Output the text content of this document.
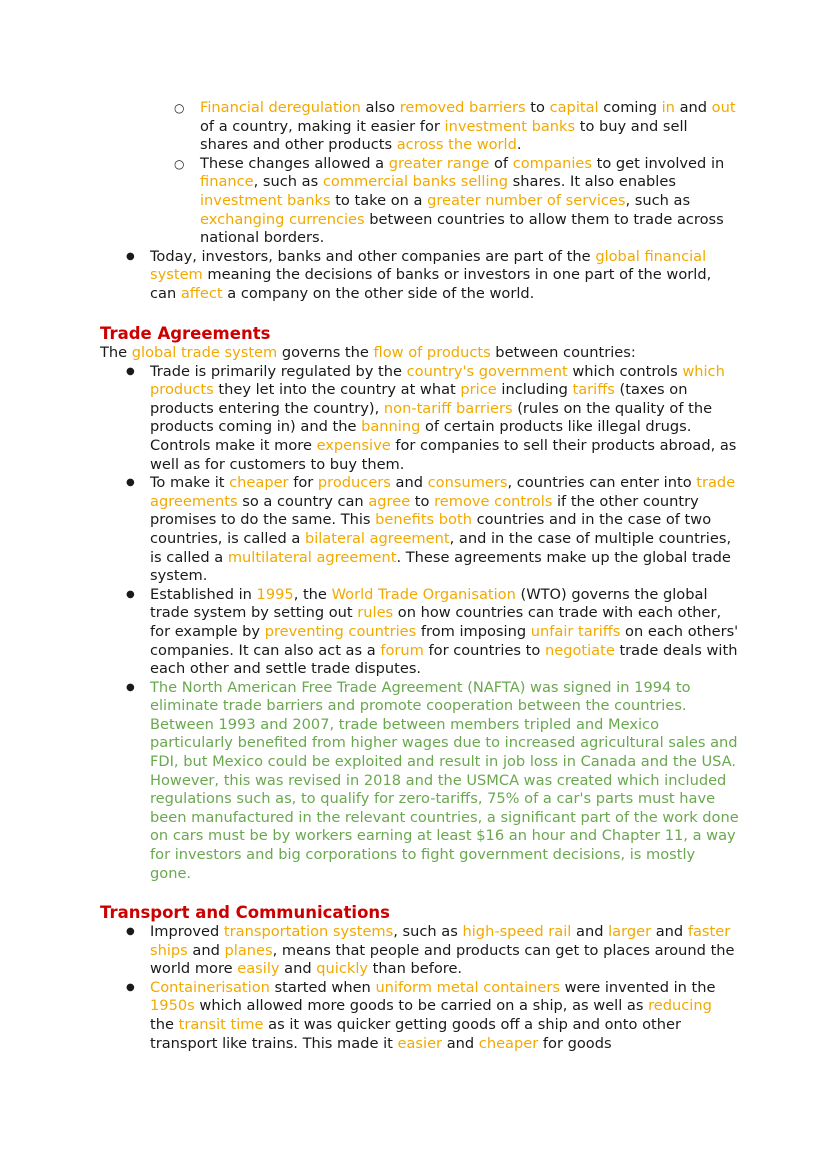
○ Financial deregulation also removed barriers to capital coming in and out of a country, making it easier for investment banks to buy and sell shares and other products across the world.
○ These changes allowed a greater range of companies to get involved in finance, such as commercial banks selling shares. It also enables investment banks to take on a greater number of services, such as exchanging currencies between countries to allow them to trade across national borders.
● Today, investors, banks and other companies are part of the global financial system meaning the decisions of banks or investors in one part of the world, can affect a company on the other side of the world.
Trade Agreements

The global trade system governs the flow of products between countries:

● Trade is primarily regulated by the country's government which controls which products they let into the country at what price including tariffs (taxes on products entering the country), non-tariff barriers (rules on the quality of the products coming in) and the banning of certain products like illegal drugs. Controls make it more expensive for companies to sell their products abroad, as well as for customers to buy them.
● To make it cheaper for producers and consumers, countries can enter into trade agreements so a country can agree to remove controls if the other country promises to do the same. This benefits both countries and in the case of two countries, is called a bilateral agreement, and in the case of multiple countries, is called a multilateral agreement. These agreements make up the global trade system.
● Established in 1995, the World Trade Organisation (WTO) governs the global trade system by setting out rules on how countries can trade with each other, for example by preventing countries from imposing unfair tariffs on each others' companies. It can also act as a forum for countries to negotiate trade deals with each other and settle trade disputes.
● The North American Free Trade Agreement (NAFTA) was signed in 1994 to eliminate trade barriers and promote cooperation between the countries. Between 1993 and 2007, trade between members tripled and Mexico particularly benefited from higher wages due to increased agricultural sales and FDI, but Mexico could be exploited and result in job loss in Canada and the USA. However, this was revised in 2018 and the USMCA was created which included regulations such as, to qualify for zero-tariffs, 75% of a car's parts must have been manufactured in the relevant countries, a significant part of the work done on cars must be by workers earning at least $16 an hour and Chapter 11, a way for investors and big corporations to fight government decisions, is mostly gone.
Transport and Communications
● Improved transportation systems, such as high-speed rail and larger and faster ships and planes, means that people and products can get to places around the world more easily and quickly than before.
● Containerisation started when uniform metal containers were invented in the 1950s which allowed more goods to be carried on a ship, as well as reducing the transit time as it was quicker getting goods off a ship and onto other transport like trains. This made it easier and cheaper for goods
